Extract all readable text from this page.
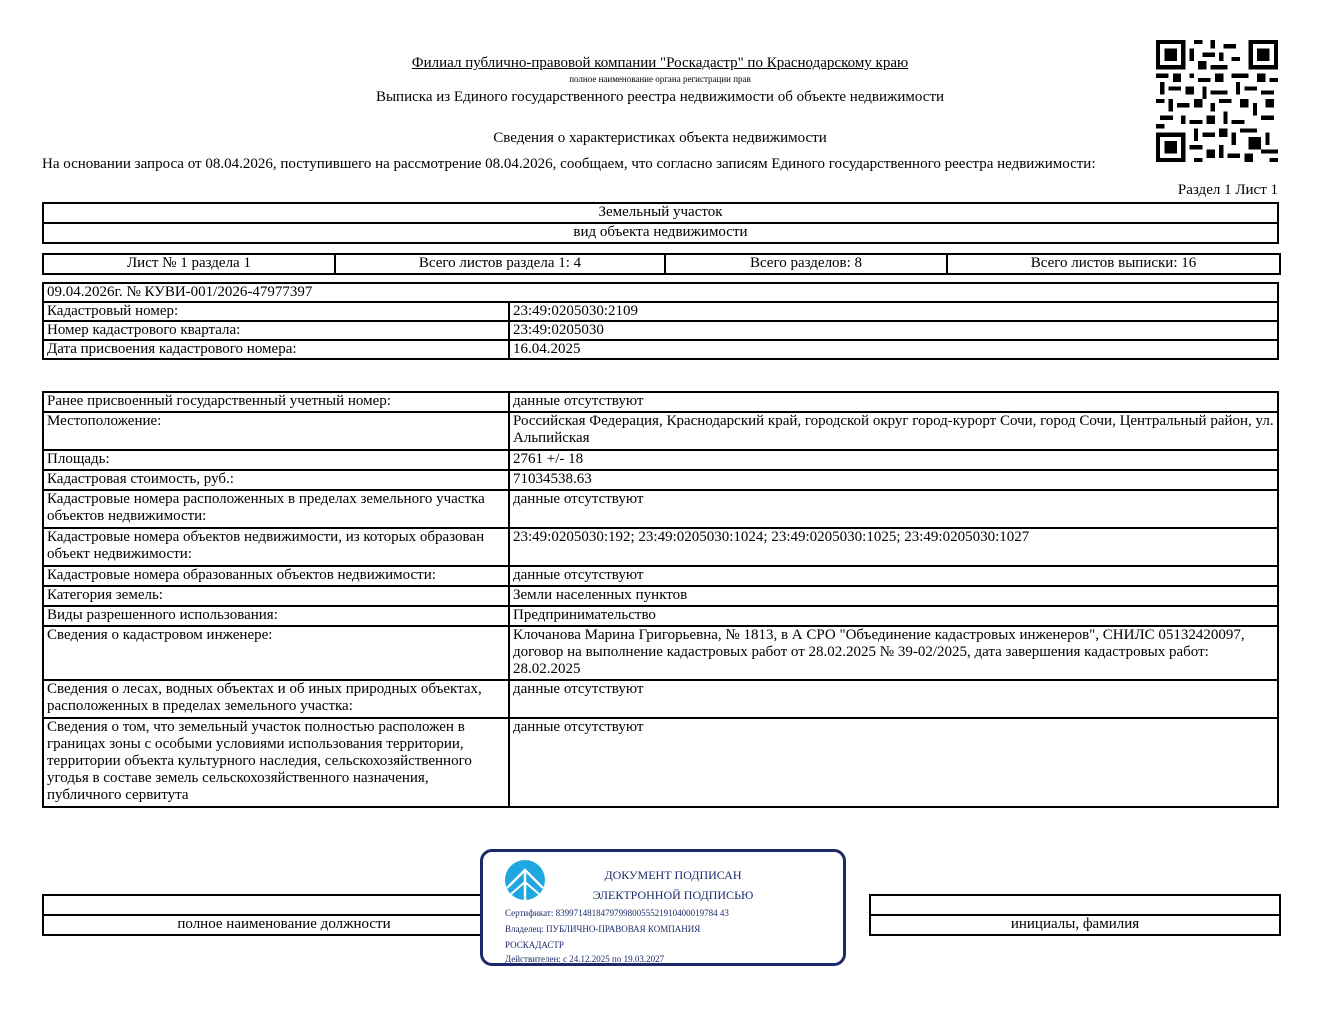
Филиал публично-правовой компании "Роскадастр" по Краснодарскому краю
полное наименование органа регистрации прав
Выписка из Единого государственного реестра недвижимости об объекте недвижимости
Сведения о характеристиках объекта недвижимости
На основании запроса от 08.04.2026, поступившего на рассмотрение 08.04.2026, сообщаем, что согласно записям Единого государственного реестра недвижимости:
Раздел 1 Лист 1
Земельный участок
вид объекта недвижимости
Лист № 1 раздела 1	Всего листов раздела 1: 4	Всего разделов: 8	Всего листов выписки: 16
09.04.2026г. № КУВИ-001/2026-47977397	
Кадастровый номер:	23:49:0205030:2109
Номер кадастрового квартала:	23:49:0205030
Дата присвоения кадастрового номера:	16.04.2025
Ранее присвоенный государственный учетный номер:	данные отсутствуют
Местоположение:	Российская Федерация, Краснодарский край, городской округ город-курорт Сочи, город Сочи, Центральный район, ул. Альпийская
Площадь:	2761 +/- 18
Кадастровая стоимость, руб.:	71034538.63
Кадастровые номера расположенных в пределах земельного участка объектов недвижимости:	данные отсутствуют
Кадастровые номера объектов недвижимости, из которых образован объект недвижимости:	23:49:0205030:192; 23:49:0205030:1024; 23:49:0205030:1025; 23:49:0205030:1027
Кадастровые номера образованных объектов недвижимости:	данные отсутствуют
Категория земель:	Земли населенных пунктов
Виды разрешенного использования:	Предпринимательство
Сведения о кадастровом инженере:	Клочанова Марина Григорьевна, № 1813, в А СРО "Объединение кадастровых инженеров", СНИЛС 05132420097, договор на выполнение кадастровых работ от 28.02.2025 № 39-02/2025, дата завершения кадастровых работ: 28.02.2025
Сведения о лесах, водных объектах и об иных природных объектах, расположенных в пределах земельного участка:	данные отсутствуют
Сведения о том, что земельный участок полностью расположен в границах зоны с особыми условиями использования территории, территории объекта культурного наследия, сельскохозяйственного угодья в составе земель сельскохозяйственного назначения, публичного сервитута	данные отсутствуют

полное наименование должности		инициалы, фамилия
ДОКУМЕНТ ПОДПИСАН
ЭЛЕКТРОННОЙ ПОДПИСЬЮ
Сертификат: 839971481847979980055521910400019784 43
Владелец: ПУБЛИЧНО-ПРАВОВАЯ КОМПАНИЯ
РОСКАДАСТР
Действителен: с 24.12.2025 по 19.03.2027
